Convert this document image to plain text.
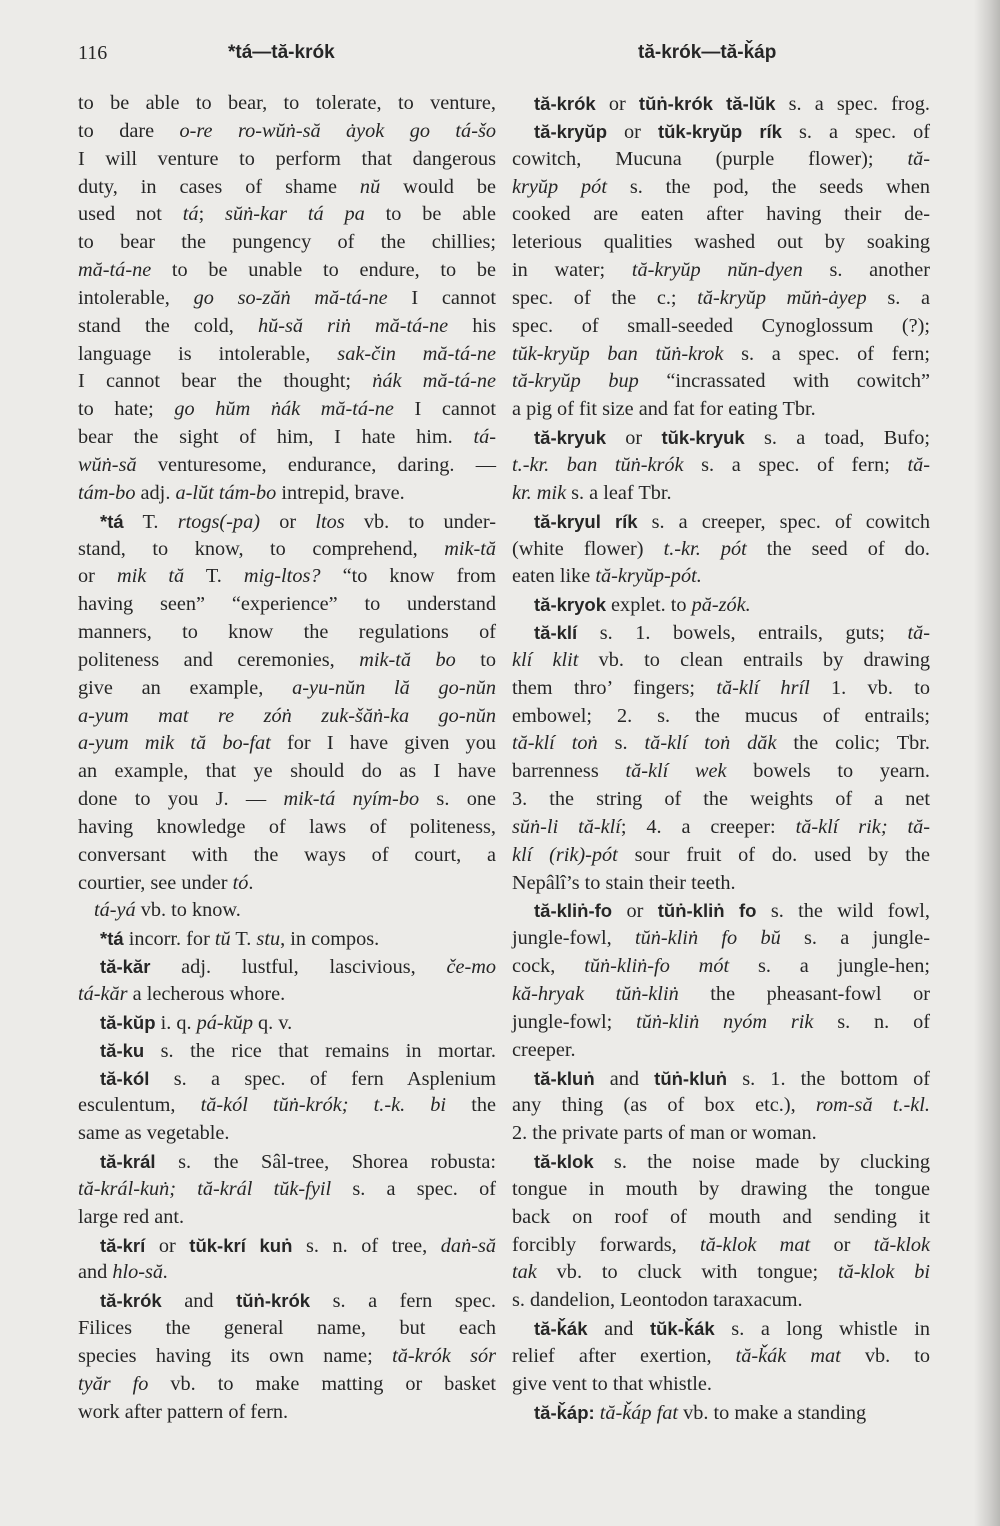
116	*tá—tă-krók	tă-krók—tă-ǩáp
to be able to bear, to tolerate, to venture,
to dare o-re ro-wŭṅ-să ȧyok go tá-šo
I will venture to perform that dangerous
duty, in cases of shame nŭ would be
used not tá; sŭṅ-kar tá pa to be able
to bear the pungency of the chillies;
mă-tá-ne to be unable to endure, to be
intolerable, go so-zăṅ mă-tá-ne I cannot
stand the cold, hŭ-să riṅ mă-tá-ne his
language is intolerable, sak-čin mă-tá-ne
I cannot bear the thought; ṅák mă-tá-ne
to hate; go hŭm ṅák mă-tá-ne I cannot
bear the sight of him, I hate him. tá-
wŭṅ-să venturesome, endurance, daring. —
tám-bo adj. a-lŭt tám-bo intrepid, brave.
*tá T. rtogs(-pa) or ltos vb. to under-
stand, to know, to comprehend, mik-tă
or mik tă T. mig-ltos? “to know from
having seen” “experience” to understand
manners, to know the regulations of
politeness and ceremonies, mik-tă bo to
give an example, a-yu-nŭn lă go-nŭn
a-yum mat re zóṅ zuk-šăṅ-ka go-nŭn
a-yum mik tă bo-fat for I have given you
an example, that ye should do as I have
done to you J. — mik-tá nyím-bo s. one
having knowledge of laws of politeness,
conversant with the ways of court, a
courtier, see under tó.
tá-yá vb. to know.
*tá incorr. for tŭ T. stu, in compos.
tă-kăr adj. lustful, lascivious, če-mo
tá-kăr a lecherous whore.
tă-kŭp i. q. pá-kŭp q. v.
tă-ku s. the rice that remains in mortar.
tă-kól s. a spec. of fern Asplenium
esculentum, tă-kól tŭṅ-krók; t.-k. bi the
same as vegetable.
tă-král s. the Sâl-tree, Shorea robusta:
tă-král-kuṅ; tă-král tŭk-fyil s. a spec. of
large red ant.
tă-krí or tŭk-krí kuṅ s. n. of tree, daṅ-să
and hlo-să.
tă-krók and tŭṅ-krók s. a fern spec.
Filices the general name, but each
species having its own name; tă-krók sór
tyăr fo vb. to make matting or basket
work after pattern of fern.
tă-krók or tŭṅ-krók tă-lŭk s. a spec. frog.
tă-kryŭp or tŭk-kryŭp rík s. a spec. of
cowitch, Mucuna (purple flower); tă-
kryŭp pót s. the pod, the seeds when
cooked are eaten after having their de-
leterious qualities washed out by soaking
in water; tă-kryŭp nŭn-dyen s. another
spec. of the c.; tă-kryŭp mŭṅ-ȧyep s. a
spec. of small-seeded Cynoglossum (?);
tŭk-kryŭp ban tŭṅ-krok s. a spec. of fern;
tă-kryŭp bup “incrassated with cowitch”
a pig of fit size and fat for eating Tbr.
tă-kryuk or tŭk-kryuk s. a toad, Bufo;
t.-kr. ban tŭṅ-krók s. a spec. of fern; tă-
kr. mik s. a leaf Tbr.
tă-kryul rík s. a creeper, spec. of cowitch
(white flower) t.-kr. pót the seed of do.
eaten like tă-kryŭp-pót.
tă-kryok explet. to pă-zók.
tă-klí s. 1. bowels, entrails, guts; tă-
klí klit vb. to clean entrails by drawing
them thro’ fingers; tă-klí hríl 1. vb. to
embowel; 2. s. the mucus of entrails;
tă-klí toṅ s. tă-klí toṅ dăk the colic; Tbr.
barrenness tă-klí wek bowels to yearn.
3. the string of the weights of a net
sŭṅ-li tă-klí; 4. a creeper: tă-klí rik; tă-
klí (rik)-pót sour fruit of do. used by the
Nepâlî’s to stain their teeth.
tă-kliṅ-fo or tŭṅ-kliṅ fo s. the wild fowl,
jungle-fowl, tŭṅ-kliṅ fo bŭ s. a jungle-
cock, tŭṅ-kliṅ-fo mót s. a jungle-hen;
kă-hryak tŭṅ-kliṅ the pheasant-fowl or
jungle-fowl; tŭṅ-kliṅ nyóm rik s. n. of
creeper.
tă-kluṅ and tŭṅ-kluṅ s. 1. the bottom of
any thing (as of box etc.), rom-să t.-kl.
2. the private parts of man or woman.
tă-klok s. the noise made by clucking
tongue in mouth by drawing the tongue
back on roof of mouth and sending it
forcibly forwards, tă-klok mat or tă-klok
tak vb. to cluck with tongue; tă-klok bi
s. dandelion, Leontodon taraxacum.
tă-ǩák and tŭk-ǩák s. a long whistle in
relief after exertion, tă-ǩák mat vb. to
give vent to that whistle.
tă-ǩáp: tă-ǩáp fat vb. to make a standing
